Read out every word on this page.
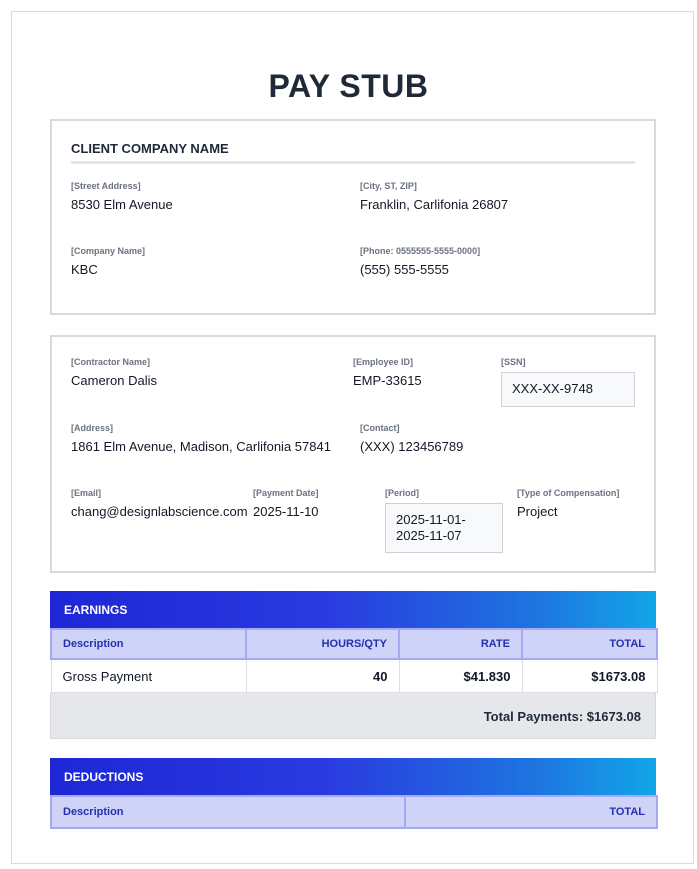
PAY STUB
CLIENT COMPANY NAME
[Street Address]
8530 Elm Avenue
[City, ST, ZIP]
Franklin, Carlifonia 26807
[Company Name]
KBC
[Phone: 0555555-5555-0000]
(555) 555-5555
[Contractor Name]
Cameron Dalis
[Employee ID]
EMP-33615
[SSN]
XXX-XX-9748
[Address]
1861 Elm Avenue, Madison, Carlifonia 57841
[Contact]
(XXX) 123456789
[Email]
chang@designlabscience.com
[Payment Date]
2025-11-10
[Period]
2025-11-01-
2025-11-07
[Type of Compensation]
Project
EARNINGS
Description	HOURS/QTY	RATE	TOTAL
Gross Payment	40	$41.830	$1673.08
Total Payments: $1673.08
DEDUCTIONS
Description	TOTAL
